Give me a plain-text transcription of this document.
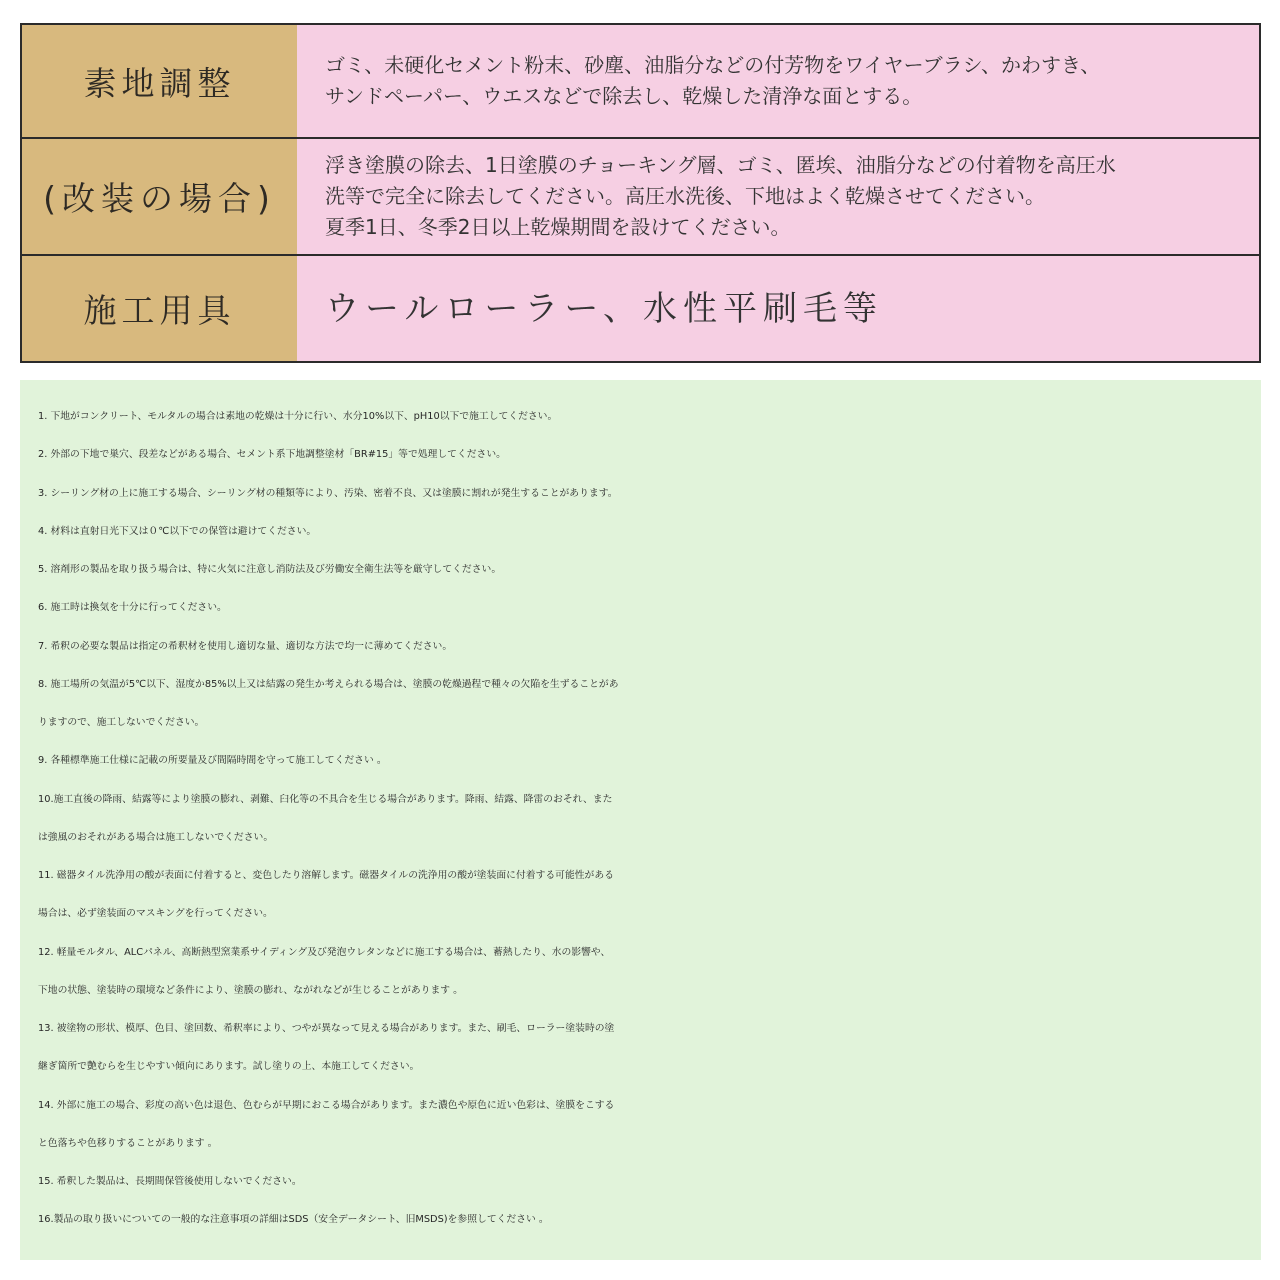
素地調整	ゴミ、未硬化セメント粉末、砂塵、油脂分などの付芳物をワイヤーブラシ、かわすき、
サンドペーパー、ウエスなどで除去し、乾燥した清浄な面とする。
(改装の場合)
浮き塗膜の除去、1日塗膜のチョーキング層、ゴミ、匿埃、油脂分などの付着物を高圧水
洗等で完全に除去してください。高圧水洗後、下地はよく乾燥させてください。
夏季1日、冬季2日以上乾燥期間を設けてください。
施工用具	ウールローラー、水性平刷毛等
1. 下地がコンクリート、モルタルの場合は素地の乾燥は十分に行い、水分10%以下、pH10以下で施工してください。
2. 外部の下地で巣穴、段差などがある場合、セメント系下地調整塗材「BR#15」等で処理してください。
3. シーリング材の上に施工する場合、シーリング材の種類等により、汚染、密着不良、又は塗膜に割れが発生することがあります。
4. 材料は直射日光下又は０℃以下での保管は避けてください。
5. 溶剤形の製品を取り扱う場合は、特に火気に注意し消防法及び労働安全衛生法等を厳守してください。
6. 施工時は換気を十分に行ってください。
7. 希釈の必要な製品は指定の希釈材を使用し適切な量、適切な方法で均一に薄めてください。
8. 施工場所の気温が5℃以下、湿度か85%以上又は結露の発生か考えられる場合は、塗膜の乾燥過程で種々の欠陥を生ずることがあ
りますので、施工しないでください。
9. 各種標準施工仕様に記載の所要量及び間隔時間を守って施工してください 。
10.施工直後の降雨、結露等により塗膜の膨れ、剥難、臼化等の不具合を生じる場合があります。降雨、結露、降雷のおそれ、また
は強風のおそれがある場合は施工しないでください。
11. 磁器タイル洗浄用の酸が表面に付着すると、変色したり溶解します。磁器タイルの洗浄用の酸が塗装面に付着する可能性がある
場合は、必ず塗装面のマスキングを行ってください。
12. 軽量モルタル、ALCパネル、高断熱型窯業系サイディング及び発泡ウレタンなどに施工する場合は、蓄熱したり、水の影響や、
下地の状態、塗装時の環境など条件により、塗膜の膨れ、ながれなどが生じることがあります 。
13. 被塗物の形状、模厚、色目、塗回数、希釈率により、つやが異なって見える場合があります。また、刷毛、ローラー塗装時の塗
継ぎ箇所で艶むらを生じやすい傾向にあります。試し塗りの上、本施工してください。
14. 外部に施工の場合、彩度の高い色は退色、色むらが早期におこる場合があります。また濃色や原色に近い色彩は、塗膜をこする
と色落ちや色移りすることがあります 。
15. 希釈した製品は、長期間保管後使用しないでください。
16.製品の取り扱いについての一般的な注意事項の詳細はSDS（安全データシート、旧MSDS)を参照してください 。
